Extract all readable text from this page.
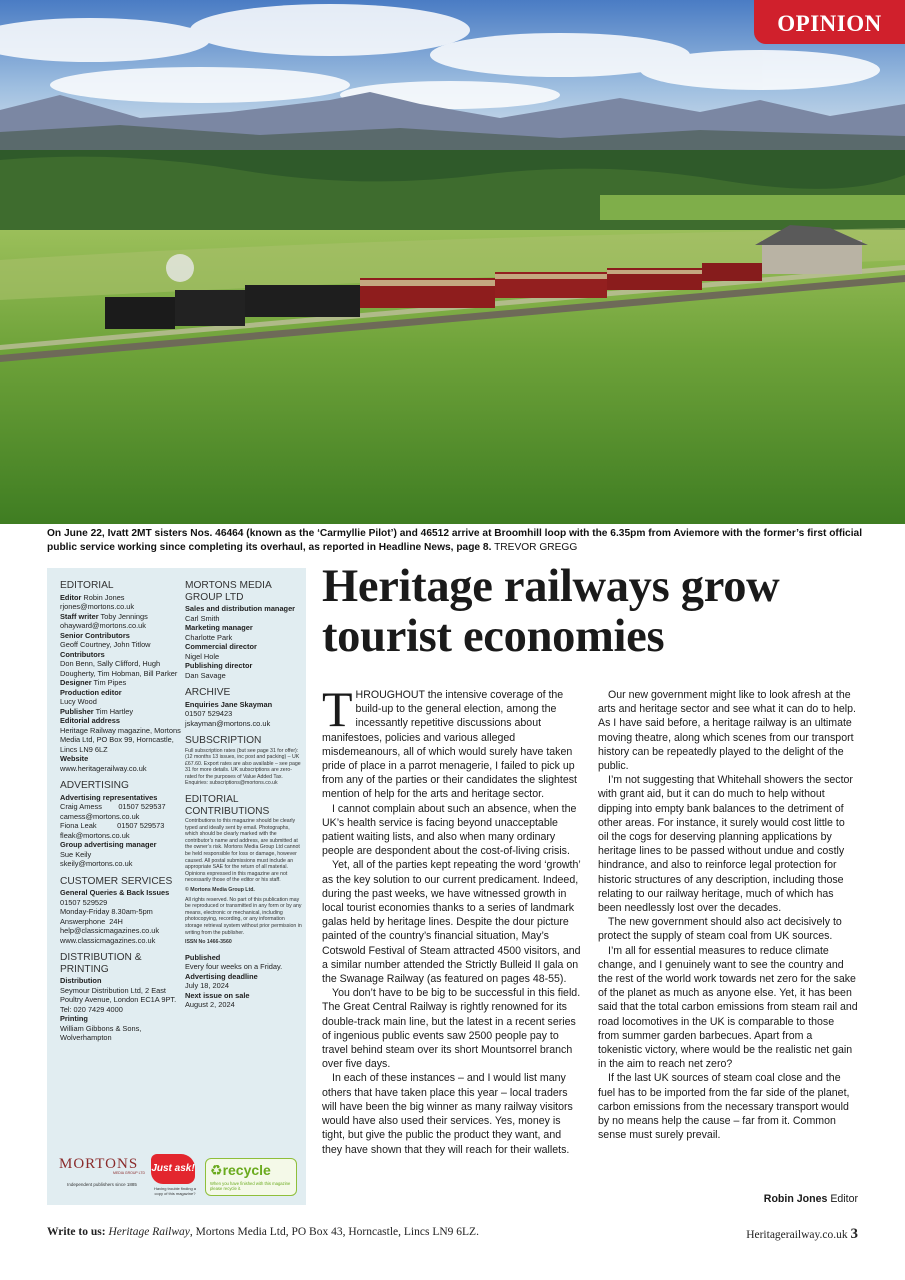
OPINION
On June 22, Ivatt 2MT sisters Nos. 46464 (known as the ‘Carmyllie Pilot’) and 46512 arrive at Broomhill loop with the 6.35pm from Aviemore with the former’s first official public service working since completing its overhaul, as reported in Headline News, page 8. TREVOR GREGG
EDITORIAL
Editor Robin Jones
rjones@mortons.co.uk
Staff writer Toby Jennings
ohayward@mortons.co.uk
Senior Contributors
Geoff Courtney, John Titlow
Contributors
Don Benn, Sally Clifford, Hugh Dougherty, Tim Hobman, Bill Parker
Designer Tim Pipes
Production editor
Lucy Wood
Publisher Tim Hartley
Editorial address
Heritage Railway magazine, Mortons Media Ltd, PO Box 99, Horncastle, Lincs LN9 6LZ
Website
www.heritagerailway.co.uk
ADVERTISING
Advertising representatives
Craig Amess        01507 529537
camess@mortons.co.uk
Fiona Leak          01507 529573
fleak@mortons.co.uk
Group advertising manager
Sue Keily
skeily@mortons.co.uk
CUSTOMER SERVICES
General Queries & Back Issues
01507 529529
Monday-Friday 8.30am-5pm
Answerphone  24H
help@classicmagazines.co.uk
www.classicmagazines.co.uk
DISTRIBUTION & PRINTING
Distribution
Seymour Distribution Ltd, 2 East Poultry Avenue, London EC1A 9PT. Tel: 020 7429 4000
Printing
William Gibbons & Sons, Wolverhampton
MORTONS MEDIA GROUP LTD
Sales and distribution manager
Carl Smith
Marketing manager
Charlotte Park
Commercial director
Nigel Hole
Publishing director
Dan Savage
ARCHIVE
Enquiries Jane Skayman
01507 529423
jskayman@mortons.co.uk
SUBSCRIPTION
Full subscription rates (but see page 31 for offer): (12 months 13 issues, inc post and packing) – UK £67.60. Export rates are also available – see page 31 for more details. UK subscriptions are zero-rated for the purposes of Value Added Tax. Enquiries: subscriptions@mortons.co.uk
EDITORIAL CONTRIBUTIONS
Contributions to this magazine should be clearly typed and ideally sent by email. Photographs, which should be clearly marked with the contributor’s name and address, are submitted at the owner’s risk. Mortons Media Group Ltd cannot be held responsible for loss or damage, however caused. All postal submissions must include an appropriate SAE for the return of all material. Opinions expressed in this magazine are not necessarily those of the editor or his staff.
© Mortons Media Group Ltd.
All rights reserved. No part of this publication may be reproduced or transmitted in any form or by any means, electronic or mechanical, including photocopying, recording, or any information storage retrieval system without prior permission in writing from the publisher.
ISSN No 1466-3560
Published
Every four weeks on a Friday.
Advertising deadline
July 18, 2024
Next issue on sale
August 2, 2024
MORTONS
MEDIA GROUP LTD
Independent publishers since 1885
Just ask!
Having trouble finding a copy of this magazine?
♻recycle
When you have finished with this magazine please recycle it.
Heritage railways grow tourist economies

THROUGHOUT the intensive coverage of the build-up to the general election, among the incessantly repetitive discussions about manifestoes, policies and various alleged misdemeanours, all of which would surely have taken pride of place in a parrot menagerie, I failed to pick up from any of the parties or their candidates the slightest mention of help for the arts and heritage sector.

I cannot complain about such an absence, when the UK’s health service is facing beyond unacceptable patient waiting lists, and also when many ordinary people are despondent about the cost-of-living crisis.

Yet, all of the parties kept repeating the word ‘growth’ as the key solution to our current predicament. Indeed, during the past weeks, we have witnessed growth in local tourist economies thanks to a series of landmark galas held by heritage lines. Despite the dour picture painted of the country’s financial situation, May’s Cotswold Festival of Steam attracted 4500 visitors, and a similar number attended the Strictly Bulleid II gala on the Swanage Railway (as featured on pages 48-55).

You don’t have to be big to be successful in this field. The Great Central Railway is rightly renowned for its double-track main line, but the latest in a recent series of ingenious public events saw 2500 people pay to travel behind steam over its short Mountsorrel branch over five days.

In each of these instances – and I would list many others that have taken place this year – local traders will have been the big winner as many railway visitors would have also used their services. Yes, money is tight, but give the public the product they want, and they have shown that they will reach for their wallets.

Our new government might like to look afresh at the arts and heritage sector and see what it can do to help. As I have said before, a heritage railway is an ultimate moving theatre, along which scenes from our transport history can be repeatedly played to the delight of the public.

I’m not suggesting that Whitehall showers the sector with grant aid, but it can do much to help without dipping into empty bank balances to the detriment of other areas. For instance, it surely would cost little to oil the cogs for deserving planning applications by heritage lines to be passed without undue and costly hindrance, and also to reinforce legal protection for historic structures of any description, including those relating to our railway heritage, much of which has been needlessly lost over the decades.

The new government should also act decisively to protect the supply of steam coal from UK sources.

I’m all for essential measures to reduce climate change, and I genuinely want to see the country and the rest of the world work towards net zero for the sake of the planet as much as anyone else. Yet, it has been said that the total carbon emissions from steam rail and road locomotives in the UK is comparable to those from summer garden barbecues. Apart from a tokenistic victory, where would be the realistic net gain in the aim to reach net zero?

If the last UK sources of steam coal close and the fuel has to be imported from the far side of the planet, carbon emissions from the necessary transport would by no means help the cause – far from it. Common sense must surely prevail.

Robin Jones Editor
Write to us: Heritage Railway, Mortons Media Ltd, PO Box 43, Horncastle, Lincs LN9 6LZ.	Heritagerailway.co.uk 3
